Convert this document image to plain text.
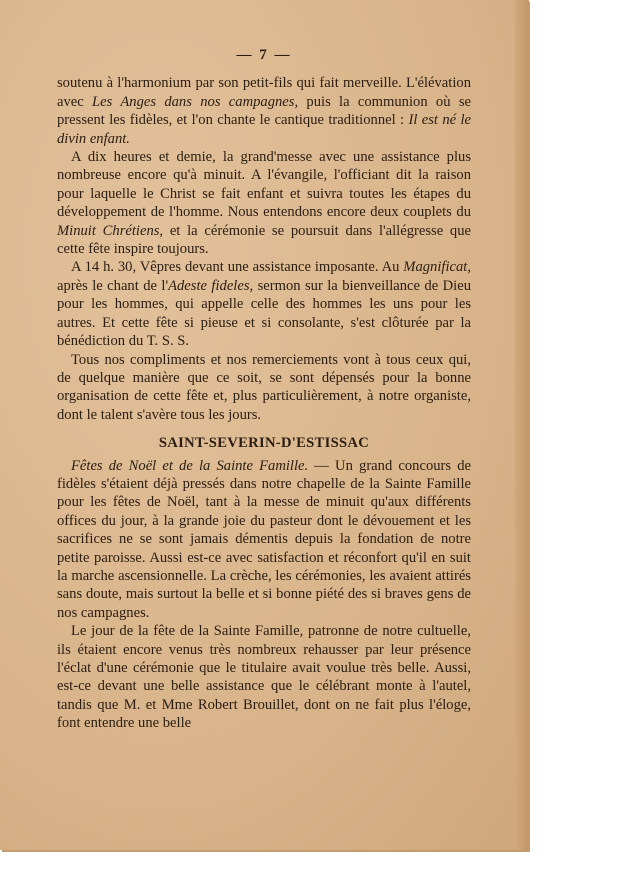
— 7 —

soutenu à l'harmonium par son petit-fils qui fait merveille. L'élévation avec Les Anges dans nos campagnes, puis la communion où se pressent les fidèles, et l'on chante le cantique traditionnel : Il est né le divin enfant.

A dix heures et demie, la grand'messe avec une assistance plus nombreuse encore qu'à minuit. A l'évangile, l'officiant dit la raison pour laquelle le Christ se fait enfant et suivra toutes les étapes du développement de l'homme. Nous entendons encore deux couplets du Minuit Chrétiens, et la cérémonie se poursuit dans l'allégresse que cette fête inspire toujours.

A 14 h. 30, Vêpres devant une assistance imposante. Au Magnificat, après le chant de l'Adeste fideles, sermon sur la bienveillance de Dieu pour les hommes, qui appelle celle des hommes les uns pour les autres. Et cette fête si pieuse et si consolante, s'est clôturée par la bénédiction du T. S. S.

Tous nos compliments et nos remerciements vont à tous ceux qui, de quelque manière que ce soit, se sont dépensés pour la bonne organisation de cette fête et, plus particulièrement, à notre organiste, dont le talent s'avère tous les jours.

SAINT-SEVERIN-D'ESTISSAC

Fêtes de Noël et de la Sainte Famille. — Un grand concours de fidèles s'étaient déjà pressés dans notre chapelle de la Sainte Famille pour les fêtes de Noël, tant à la messe de minuit qu'aux différents offices du jour, à la grande joie du pasteur dont le dévouement et les sacrifices ne se sont jamais démentis depuis la fondation de notre petite paroisse. Aussi est-ce avec satisfaction et réconfort qu'il en suit la marche ascensionnelle. La crèche, les cérémonies, les avaient attirés sans doute, mais surtout la belle et si bonne piété des si braves gens de nos campagnes.

Le jour de la fête de la Sainte Famille, patronne de notre cultuelle, ils étaient encore venus très nombreux rehausser par leur présence l'éclat d'une cérémonie que le titulaire avait voulue très belle. Aussi, est-ce devant une belle assistance que le célébrant monte à l'autel, tandis que M. et Mme Robert Brouillet, dont on ne fait plus l'éloge, font entendre une belle
